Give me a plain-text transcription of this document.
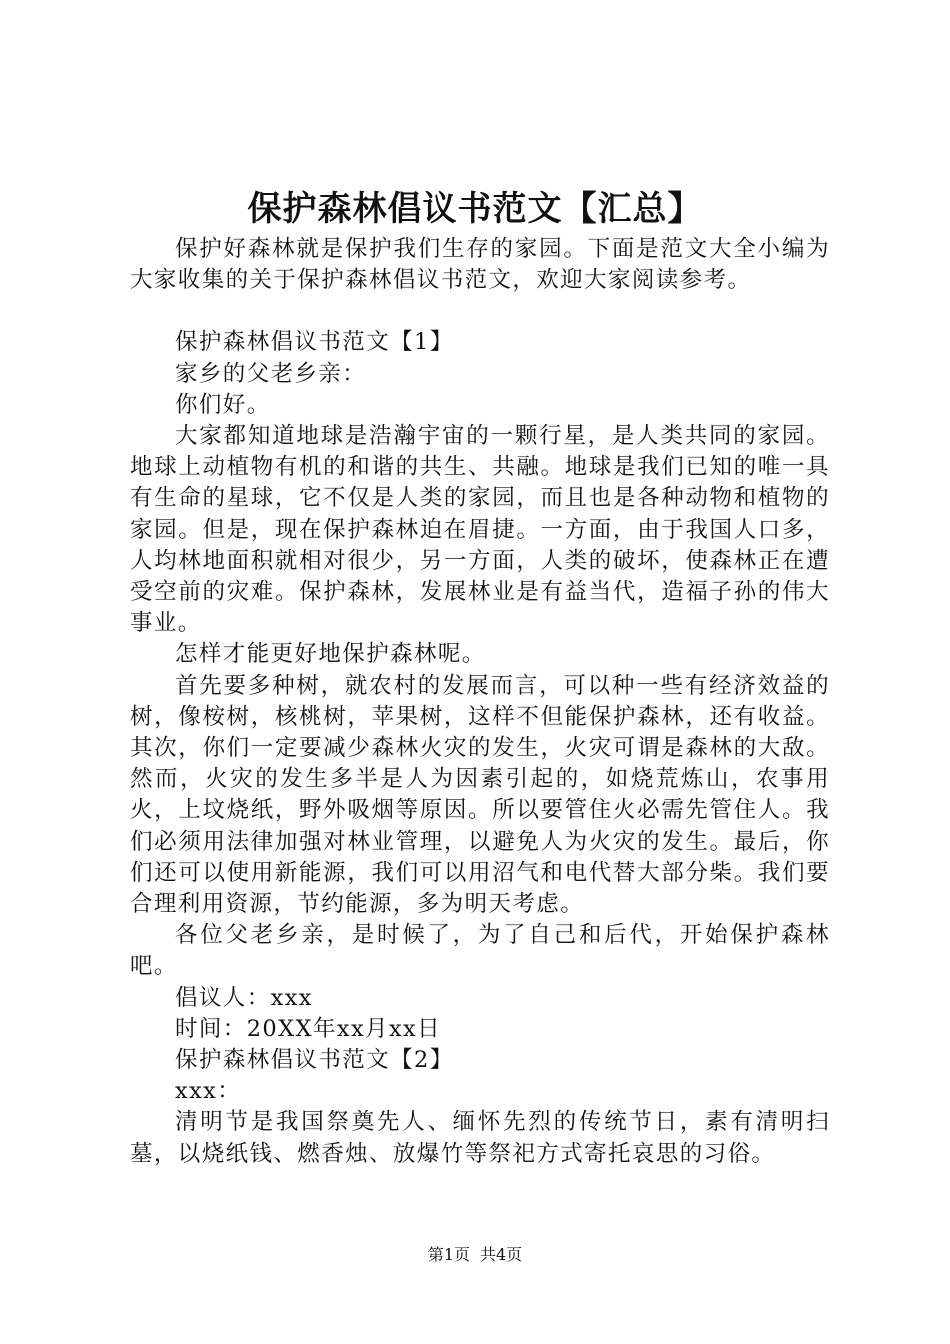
保护森林倡议书范文【汇总】

保护好森林就是保护我们生存的家园。下面是范文大全小编为大家收集的关于保护森林倡议书范文，欢迎大家阅读参考。

保护森林倡议书范文【1】

家乡的父老乡亲：

你们好。

大家都知道地球是浩瀚宇宙的一颗行星，是人类共同的家园。地球上动植物有机的和谐的共生、共融。地球是我们已知的唯一具有生命的星球，它不仅是人类的家园，而且也是各种动物和植物的家园。但是，现在保护森林迫在眉捷。一方面，由于我国人口多，人均林地面积就相对很少，另一方面，人类的破坏，使森林正在遭受空前的灾难。保护森林，发展林业是有益当代，造福子孙的伟大事业。

怎样才能更好地保护森林呢。

首先要多种树，就农村的发展而言，可以种一些有经济效益的树，像桉树，核桃树，苹果树，这样不但能保护森林，还有收益。其次，你们一定要减少森林火灾的发生，火灾可谓是森林的大敌。然而，火灾的发生多半是人为因素引起的，如烧荒炼山，农事用火，上坟烧纸，野外吸烟等原因。所以要管住火必需先管住人。我们必须用法律加强对林业管理，以避免人为火灾的发生。最后，你们还可以使用新能源，我们可以用沼气和电代替大部分柴。我们要合理利用资源，节约能源，多为明天考虑。

各位父老乡亲，是时候了，为了自己和后代，开始保护森林吧。

倡议人：xxx

时间：20XX年xx月xx日

保护森林倡议书范文【2】

xxx：

清明节是我国祭奠先人、缅怀先烈的传统节日，素有清明扫墓，以烧纸钱、燃香烛、放爆竹等祭祀方式寄托哀思的习俗。

第1页 共4页
